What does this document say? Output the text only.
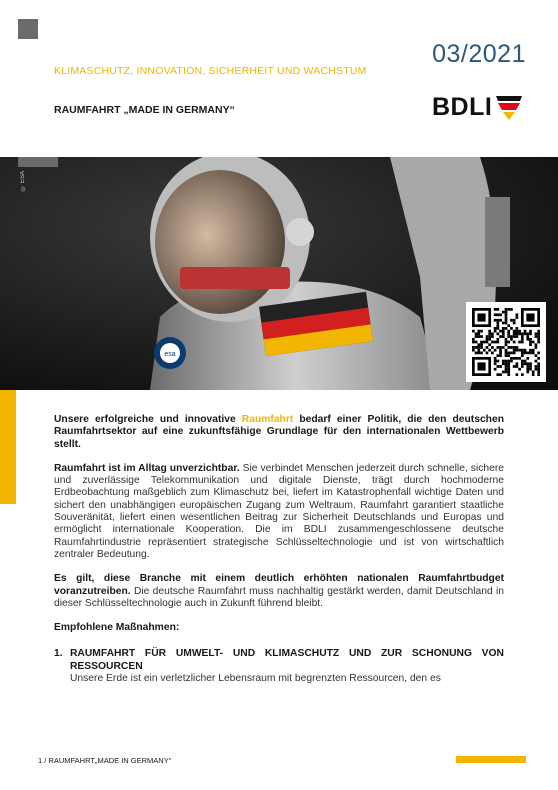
03/2021
KLIMASCHUTZ, INNOVATION, SICHERHEIT UND WACHSTUM
RAUMFAHRT „MADE IN GERMANY“	BDLI
esa
© ESA

Unsere erfolgreiche und innovative Raumfahrt bedarf einer Politik, die den deutschen Raumfahrtsektor auf eine zukunftsfähige Grundlage für den internationalen Wettbewerb stellt.

Raumfahrt ist im Alltag unverzichtbar. Sie verbindet Menschen jederzeit durch schnelle, sichere und zuverlässige Telekommunikation und digitale Dienste, trägt durch hochmoderne Erdbeobachtung maßgeblich zum Klimaschutz bei, liefert im Katastrophenfall wichtige Daten und sichert den unabhängigen europäischen Zugang zum Weltraum. Raumfahrt garantiert staatliche Souveränität, liefert einen wesentlichen Beitrag zur Sicherheit Deutschlands und Europas und ermöglicht internationale Kooperation. Die im BDLI zusammengeschlossene deutsche Raumfahrtindustrie repräsentiert strategische Schlüsseltechnologie und ist von wirtschaftlich zentraler Bedeutung.

Es gilt, diese Branche mit einem deutlich erhöhten nationalen Raumfahrtbudget voranzutreiben. Die deutsche Raumfahrt muss nachhaltig gestärkt werden, damit Deutschland in dieser Schlüsseltechnologie auch in Zukunft führend bleibt.

Empfohlene Maßnahmen:
1. RAUMFAHRT FÜR UMWELT- UND KLIMASCHUTZ UND ZUR SCHONUNG VON RESSOURCEN
Unsere Erde ist ein verletzlicher Lebensraum mit begrenzten Ressourcen, den es
1 / RAUMFAHRT„MADE IN GERMANY“
